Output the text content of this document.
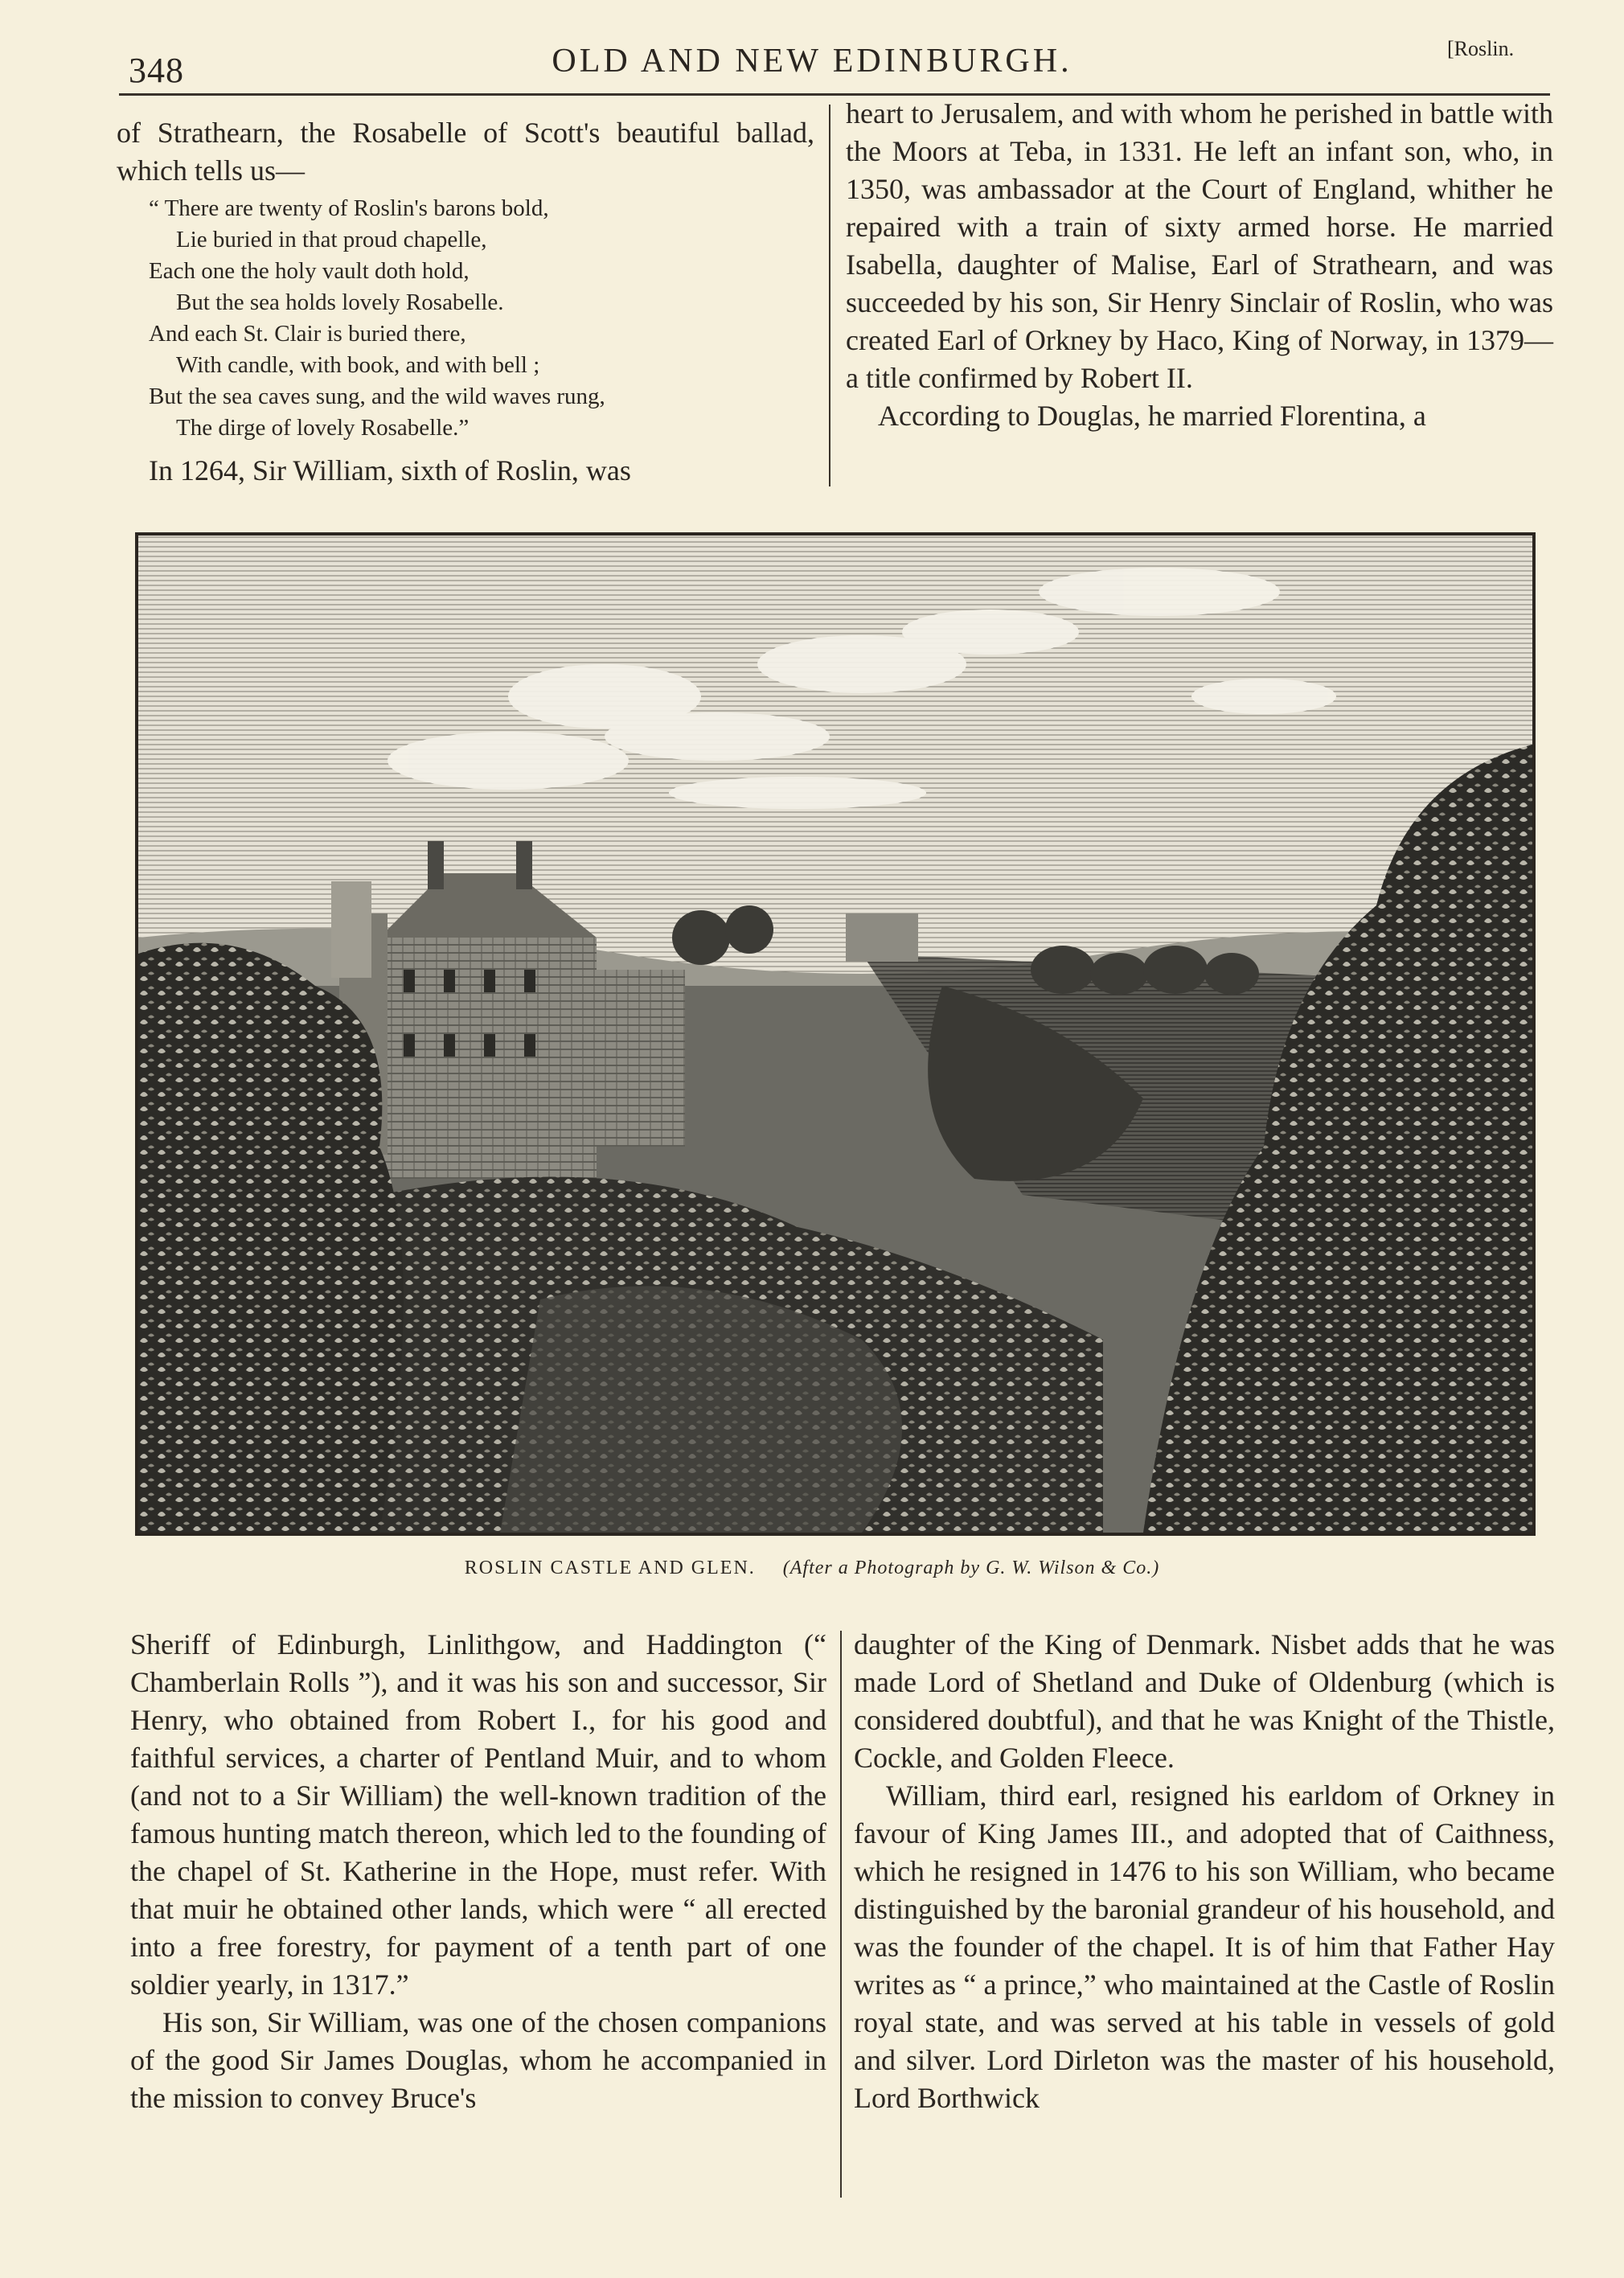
348	OLD AND NEW EDINBURGH.	[Roslin.

of Strathearn, the Rosabelle of Scott's beautiful ballad, which tells us—

“ There are twenty of Roslin's barons bold,
Lie buried in that proud chapelle,
Each one the holy vault doth hold,
But the sea holds lovely Rosabelle.
And each St. Clair is buried there,
With candle, with book, and with bell ;
But the sea caves sung, and the wild waves rung,
The dirge of lovely Rosabelle.”

In 1264, Sir William, sixth of Roslin, was

heart to Jerusalem, and with whom he perished in battle with the Moors at Teba, in 1331. He left an infant son, who, in 1350, was ambassador at the Court of England, whither he repaired with a train of sixty armed horse. He married Isabella, daughter of Malise, Earl of Strathearn, and was succeeded by his son, Sir Henry Sinclair of Roslin, who was created Earl of Orkney by Haco, King of Norway, in 1379—a title confirmed by Robert II.

According to Douglas, he married Florentina, a

ROSLIN CASTLE AND GLEN. (After a Photograph by G. W. Wilson & Co.)

Sheriff of Edinburgh, Linlithgow, and Haddington (“ Chamberlain Rolls ”), and it was his son and successor, Sir Henry, who obtained from Robert I., for his good and faithful services, a charter of Pentland Muir, and to whom (and not to a Sir William) the well-known tradition of the famous hunting match thereon, which led to the founding of the chapel of St. Katherine in the Hope, must refer. With that muir he obtained other lands, which were “ all erected into a free forestry, for payment of a tenth part of one soldier yearly, in 1317.”

His son, Sir William, was one of the chosen companions of the good Sir James Douglas, whom he accompanied in the mission to convey Bruce's

daughter of the King of Denmark. Nisbet adds that he was made Lord of Shetland and Duke of Oldenburg (which is considered doubtful), and that he was Knight of the Thistle, Cockle, and Golden Fleece.

William, third earl, resigned his earldom of Orkney in favour of King James III., and adopted that of Caithness, which he resigned in 1476 to his son William, who became distinguished by the baronial grandeur of his household, and was the founder of the chapel. It is of him that Father Hay writes as “ a prince,” who maintained at the Castle of Roslin royal state, and was served at his table in vessels of gold and silver. Lord Dirleton was the master of his household, Lord Borthwick
